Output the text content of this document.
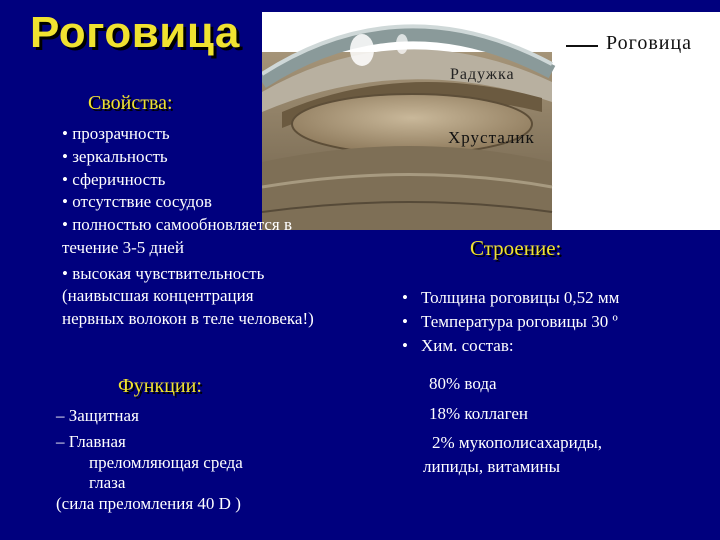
Роговица	Роговица
Радужка
Хрусталик
Свойства:
• прозрачность
• зеркальность
• сферичность
• отсутствие сосудов
• полностью самообновляется в
течение 3-5 дней
• высокая чувствительность
(наивысшая концентрация
нервных волокон в теле человека!)
Функции:
– Защитная
– Главная
преломляющая среда
глаза
(сила преломления 40 D )
Строение:
• Толщина роговицы 0,52 мм
• Температура роговицы 30 º
• Хим. состав:
80% вода
18% коллаген
2% мукополисахариды,
липиды, витамины
